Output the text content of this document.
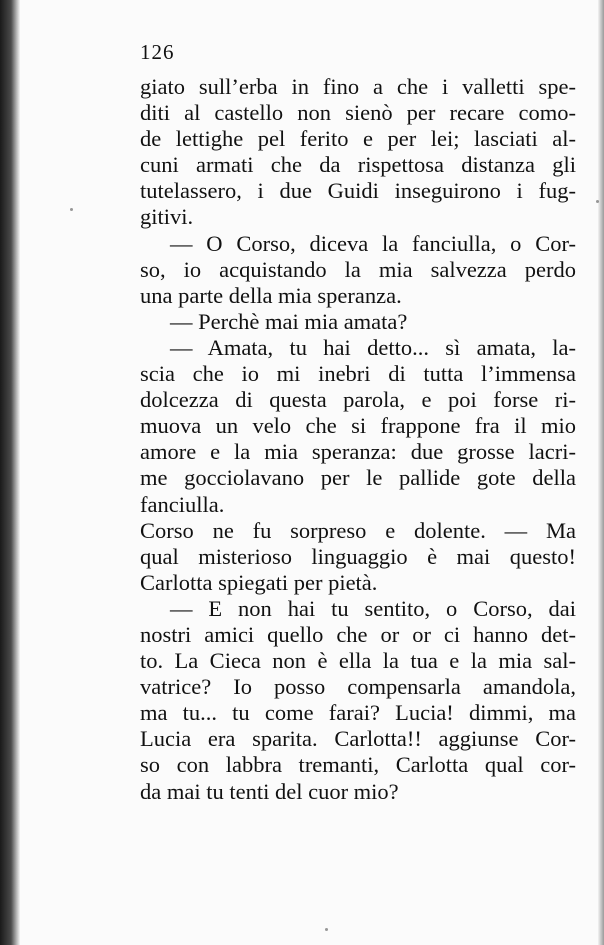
126
giato sull’erba in fino a che i valletti spe-
diti al castello non sienò per recare como-
de lettighe pel ferito e per lei; lasciati al-
cuni armati che da rispettosa distanza gli
tutelassero, i due Guidi inseguirono i fug-
gitivi.
— O Corso, diceva la fanciulla, o Cor-
so, io acquistando la mia salvezza perdo
una parte della mia speranza.
— Perchè mai mia amata?
— Amata, tu hai detto... sì amata, la-
scia che io mi inebri di tutta l’immensa
dolcezza di questa parola, e poi forse ri-
muova un velo che si frappone fra il mio
amore e la mia speranza: due grosse lacri-
me gocciolavano per le pallide gote della
fanciulla.
Corso ne fu sorpreso e dolente. — Ma
qual misterioso linguaggio è mai questo!
Carlotta spiegati per pietà.
— E non hai tu sentito, o Corso, dai
nostri amici quello che or or ci hanno det-
to. La Cieca non è ella la tua e la mia sal-
vatrice? Io posso compensarla amandola,
ma tu... tu come farai? Lucia! dimmi, ma
Lucia era sparita. Carlotta!! aggiunse Cor-
so con labbra tremanti, Carlotta qual cor-
da mai tu tenti del cuor mio?
